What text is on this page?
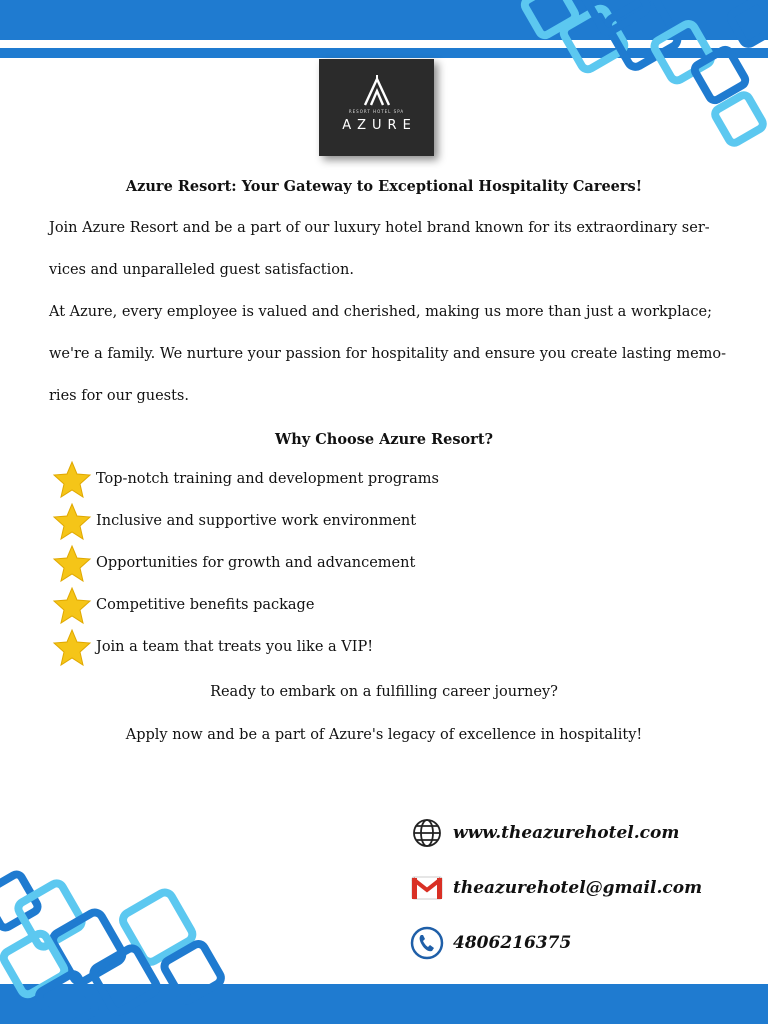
RESORT HOTEL SPA
AZURE
Azure Resort: Your Gateway to Exceptional Hospitality Careers!

Join Azure Resort and be a part of our luxury hotel brand known for its extraordinary ser-

vices and unparalleled guest satisfaction.

At Azure, every employee is valued and cherished, making us more than just a workplace;

we're a family. We nurture your passion for hospitality and ensure you create lasting memo-

ries for our guests.

Why Choose Azure Resort?
Top-notch training and development programs
Inclusive and supportive work environment
Opportunities for growth and advancement
Competitive benefits package
Join a team that treats you like a VIP!
Ready to embark on a fulfilling career journey?
Apply now and be a part of Azure's legacy of excellence in hospitality!
www.theazurehotel.com
theazurehotel@gmail.com
4806216375
